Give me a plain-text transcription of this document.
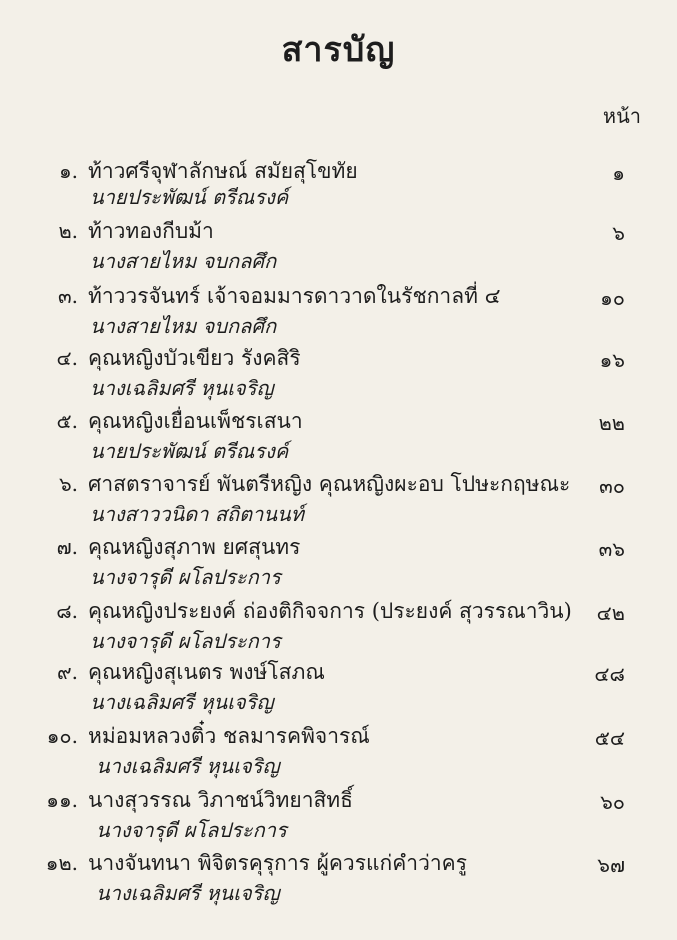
สารบัญ
หน้า
๑. ท้าวศรีจุฬาลักษณ์ สมัยสุโขทัย
นายประพัฒน์ ตรีณรงค์
๑
๒. ท้าวทองกีบม้า
นางสายไหม จบกลศึก
๖
๓. ท้าววรจันทร์ เจ้าจอมมารดาวาดในรัชกาลที่ ๔
นางสายไหม จบกลศึก
๑๐
๔. คุณหญิงบัวเขียว รังคสิริ
นางเฉลิมศรี หุนเจริญ
๑๖
๕. คุณหญิงเยื่อนเพ็ชรเสนา
นายประพัฒน์ ตรีณรงค์
๒๒
๖. ศาสตราจารย์ พันตรีหญิง คุณหญิงผะอบ โปษะกฤษณะ
นางสาววนิดา สถิตานนท์
๓๐
๗. คุณหญิงสุภาพ ยศสุนทร
นางจารุดี ผโลประการ
๓๖
๘. คุณหญิงประยงค์ ถ่องติกิจจการ (ประยงค์ สุวรรณาวิน)
นางจารุดี ผโลประการ
๔๒
๙. คุณหญิงสุเนตร พงษ์โสภณ
นางเฉลิมศรี หุนเจริญ
๔๘
๑๐. หม่อมหลวงติ๋ว ชลมารคพิจารณ์
นางเฉลิมศรี หุนเจริญ
๕๔
๑๑. นางสุวรรณ วิภาชน์วิทยาสิทธิ์
นางจารุดี ผโลประการ
๖๐
๑๒. นางจันทนา พิจิตรคุรุการ ผู้ควรแก่คำว่าครู
นางเฉลิมศรี หุนเจริญ
๖๗
